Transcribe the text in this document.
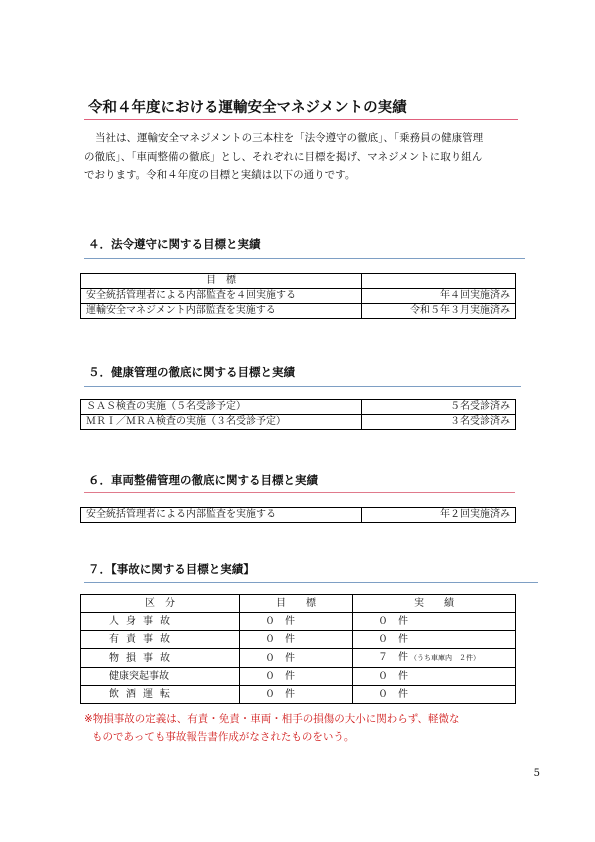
令和４年度における運輸安全マネジメントの実績

当社は、運輸安全マネジメントの三本柱を「法令遵守の徹底」、「乗務員の健康管理

の徹底」、「車両整備の徹底」とし、それぞれに目標を掲げ、マネジメントに取り組ん

でおります。令和４年度の目標と実績は以下の通りです。

４．法令遵守に関する目標と実績
目　標	
安全統括管理者による内部監査を４回実施する	年４回実施済み
運輸安全マネジメント内部監査を実施する	令和５年３月実施済み
５．健康管理の徹底に関する目標と実績
ＳＡＳ検査の実施（５名受診予定）	５名受診済み
ＭＲＩ／ＭＲＡ検査の実施（３名受診予定）	３名受診済み
６．車両整備管理の徹底に関する目標と実績
安全統括管理者による内部監査を実施する	年２回実施済み
７．【事故に関する目標と実績】
区　分	目　　標	実　　績
人身事故	０　件	０　件
有責事故	０　件	０　件
物損事故	０　件	７　件 （うち車庫内　２件）
健康突起事故	０　件	０　件
飲酒運転	０　件	０　件

※物損事故の定義は、有責・免責・車両・相手の損傷の大小に関わらず、軽微な

ものであっても事故報告書作成がなされたものをいう。

5
